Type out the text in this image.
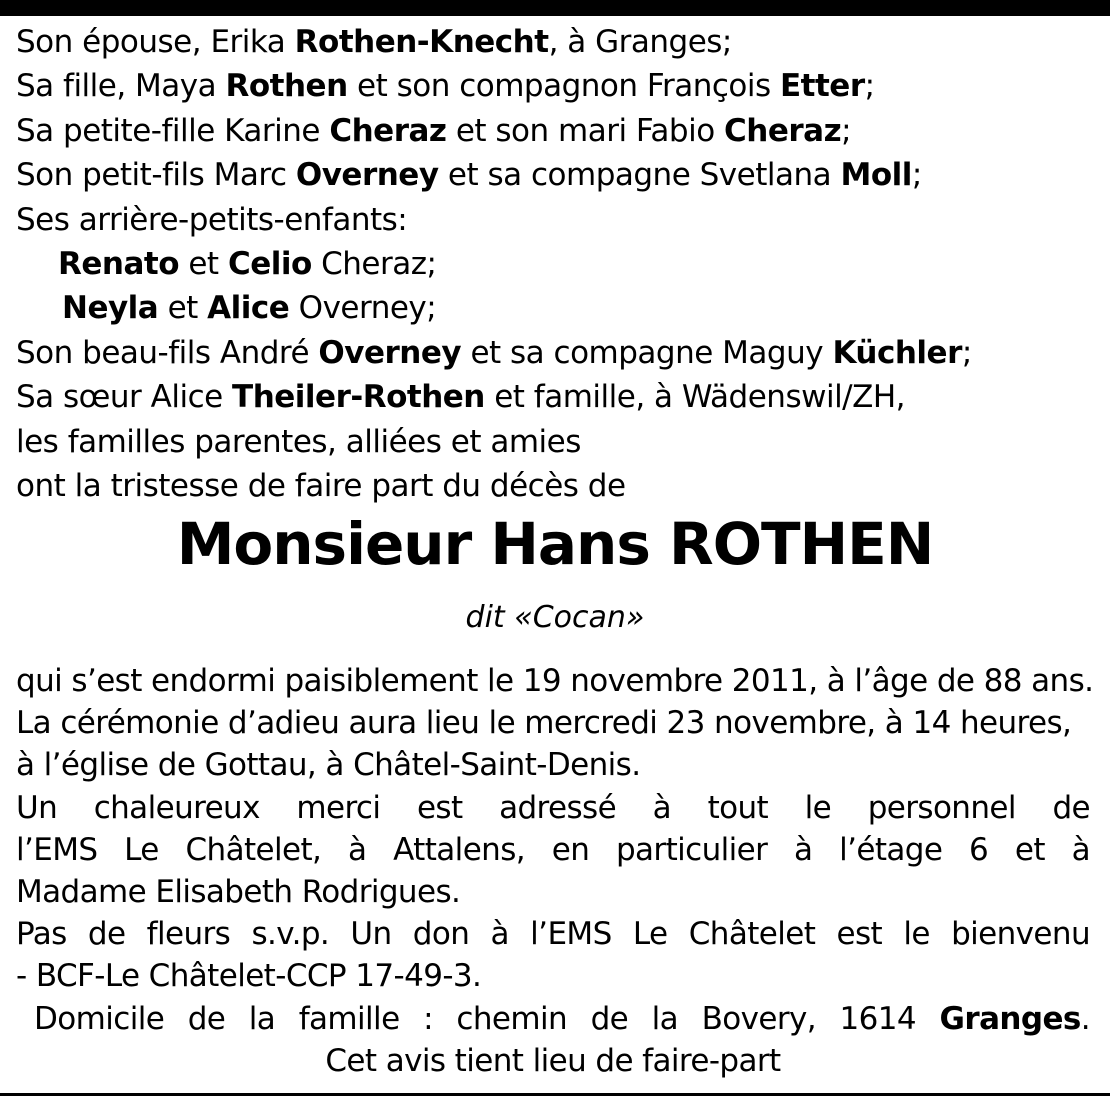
Son épouse, Erika Rothen-Knecht, à Granges;
Sa fille, Maya Rothen et son compagnon François Etter;
Sa petite-fille Karine Cheraz et son mari Fabio Cheraz;
Son petit-fils Marc Overney et sa compagne Svetlana Moll;
Ses arrière-petits-enfants:
Renato et Celio Cheraz;
Neyla et Alice Overney;
Son beau-fils André Overney et sa compagne Maguy Küchler;
Sa sœur Alice Theiler-Rothen et famille, à Wädenswil/ZH,
les familles parentes, alliées et amies
ont la tristesse de faire part du décès de
Monsieur Hans ROTHEN
dit «Cocan»
qui s’est endormi paisiblement le 19 novembre 2011, à l’âge de 88 ans.
La cérémonie d’adieu aura lieu le mercredi 23 novembre, à 14 heures,
à l’église de Gottau, à Châtel-Saint-Denis.
Un chaleureux merci est adressé à tout le personnel de
l’EMS Le Châtelet, à Attalens, en particulier à l’étage 6 et à
Madame Elisabeth Rodrigues.
Pas de fleurs s.v.p. Un don à l’EMS Le Châtelet est le bienvenu
- BCF-Le Châtelet-CCP 17-49-3.
Domicile de la famille : chemin de la Bovery, 1614 Granges.
Cet avis tient lieu de faire-part
